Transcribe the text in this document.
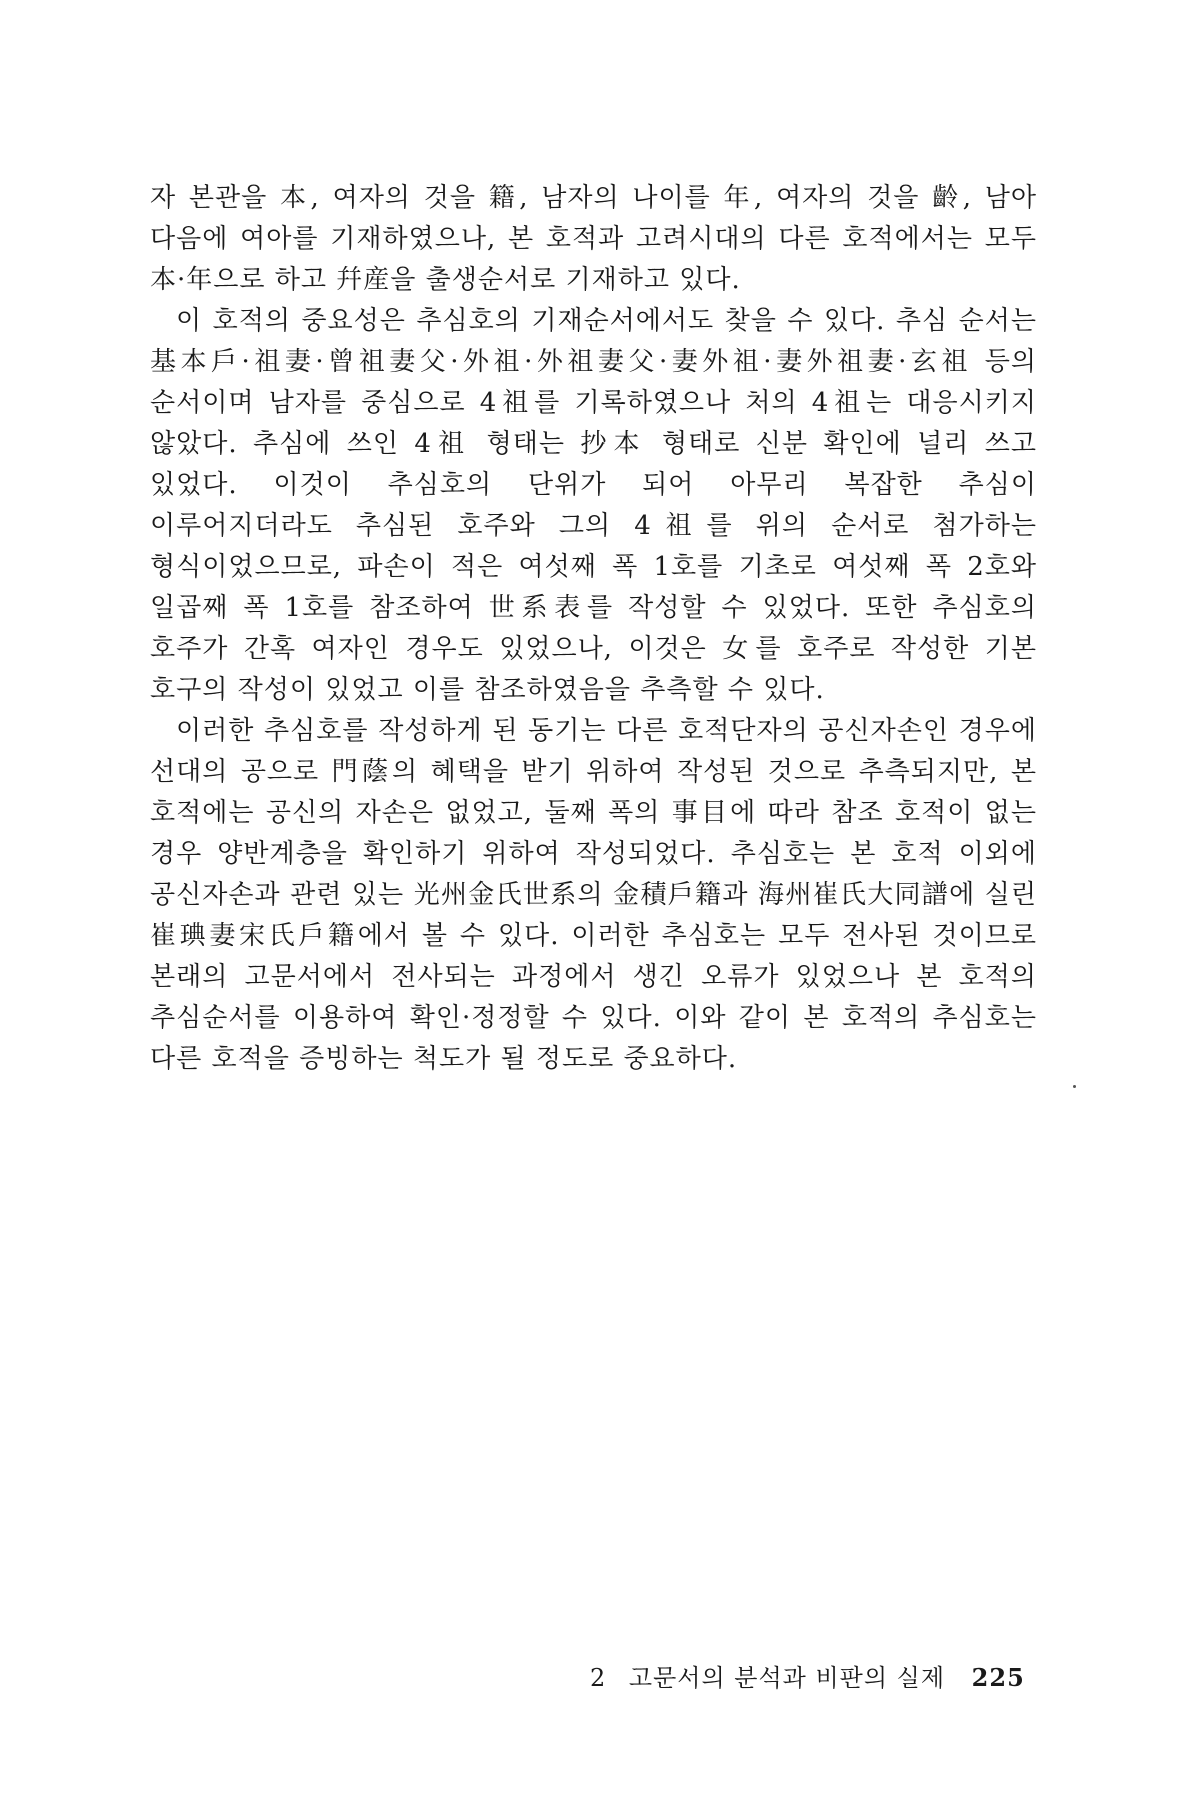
자 본관을 本, 여자의 것을 籍, 남자의 나이를 年, 여자의 것을 齡, 남아 다음에 여아를 기재하였으나, 본 호적과 고려시대의 다른 호적에서는 모두 本·年으로 하고 幷産을 출생순서로 기재하고 있다.

이 호적의 중요성은 추심호의 기재순서에서도 찾을 수 있다. 추심 순서는 基本戶·祖妻·曾祖妻父·外祖·外祖妻父·妻外祖·妻外祖妻·玄祖 등의 순서이며 남자를 중심으로 4祖를 기록하였으나 처의 4祖는 대응시키지 않았다. 추심에 쓰인 4祖 형태는 抄本 형태로 신분 확인에 널리 쓰고 있었다. 이것이 추심호의 단위가 되어 아무리 복잡한 추심이 이루어지더라도 추심된 호주와 그의 4祖를 위의 순서로 첨가하는 형식이었으므로, 파손이 적은 여섯째 폭 1호를 기초로 여섯째 폭 2호와 일곱째 폭 1호를 참조하여 世系表를 작성할 수 있었다. 또한 추심호의 호주가 간혹 여자인 경우도 있었으나, 이것은 女를 호주로 작성한 기본 호구의 작성이 있었고 이를 참조하였음을 추측할 수 있다.

이러한 추심호를 작성하게 된 동기는 다른 호적단자의 공신자손인 경우에 선대의 공으로 門蔭의 혜택을 받기 위하여 작성된 것으로 추측되지만, 본 호적에는 공신의 자손은 없었고, 둘째 폭의 事目에 따라 참조 호적이 없는 경우 양반계층을 확인하기 위하여 작성되었다. 추심호는 본 호적 이외에 공신자손과 관련 있는 光州金氏世系의 金積戶籍과 海州崔氏大同譜에 실린 崔琠妻宋氏戶籍에서 볼 수 있다. 이러한 추심호는 모두 전사된 것이므로 본래의 고문서에서 전사되는 과정에서 생긴 오류가 있었으나 본 호적의 추심순서를 이용하여 확인·정정할 수 있다. 이와 같이 본 호적의 추심호는 다른 호적을 증빙하는 척도가 될 정도로 중요하다.

2 고문서의 분석과 비판의 실제 225
